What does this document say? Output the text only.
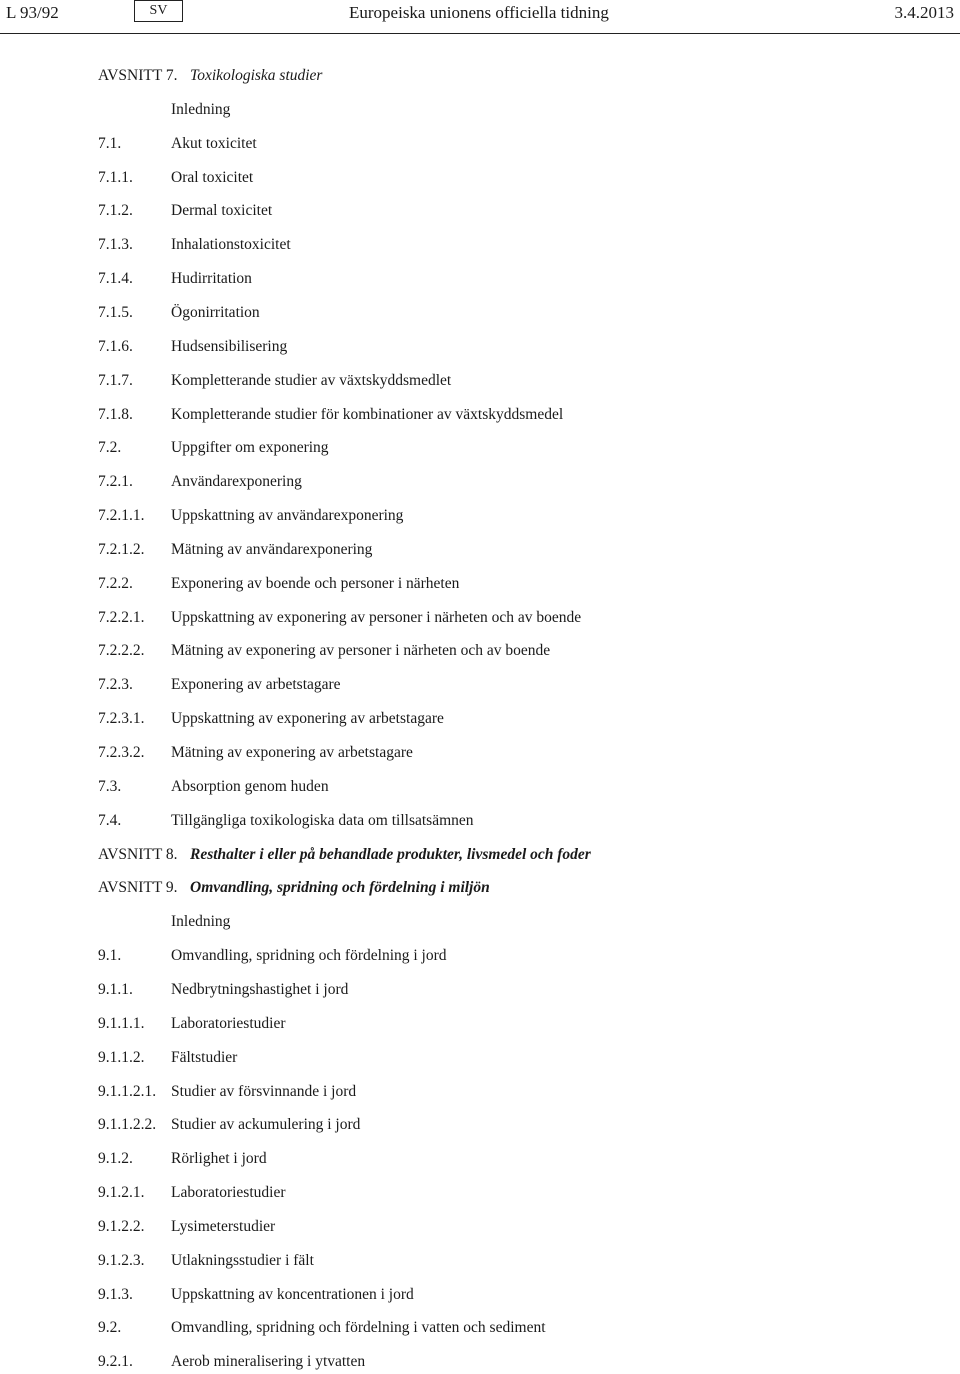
L 93/92	SV	Europeiska unionens officiella tidning	3.4.2013
AVSNITT 7. Toxikologiska studier
Inledning
7.1.	Akut toxicitet
7.1.1. Oral toxicitet
7.1.2. Dermal toxicitet
7.1.3. Inhalationstoxicitet
7.1.4. Hudirritation
7.1.5. Ögonirritation
7.1.6. Hudsensibilisering
7.1.7. Kompletterande studier av växtskyddsmedlet
7.1.8. Kompletterande studier för kombinationer av växtskyddsmedel
7.2.	Uppgifter om exponering
7.2.1. Användarexponering
7.2.1.1. Uppskattning av användarexponering
7.2.1.2. Mätning av användarexponering
7.2.2. Exponering av boende och personer i närheten
7.2.2.1. Uppskattning av exponering av personer i närheten och av boende
7.2.2.2. Mätning av exponering av personer i närheten och av boende
7.2.3. Exponering av arbetstagare
7.2.3.1. Uppskattning av exponering av arbetstagare
7.2.3.2. Mätning av exponering av arbetstagare
7.3.	Absorption genom huden
7.4.	Tillgängliga toxikologiska data om tillsatsämnen
AVSNITT 8. Resthalter i eller på behandlade produkter, livsmedel och foder
AVSNITT 9. Omvandling, spridning och fördelning i miljön
Inledning
9.1.	Omvandling, spridning och fördelning i jord
9.1.1. Nedbrytningshastighet i jord
9.1.1.1. Laboratoriestudier
9.1.1.2. Fältstudier
9.1.1.2.1. Studier av försvinnande i jord
9.1.1.2.2. Studier av ackumulering i jord
9.1.2. Rörlighet i jord
9.1.2.1. Laboratoriestudier
9.1.2.2. Lysimeterstudier
9.1.2.3. Utlakningsstudier i fält
9.1.3. Uppskattning av koncentrationen i jord
9.2.	Omvandling, spridning och fördelning i vatten och sediment
9.2.1. Aerob mineralisering i ytvatten
